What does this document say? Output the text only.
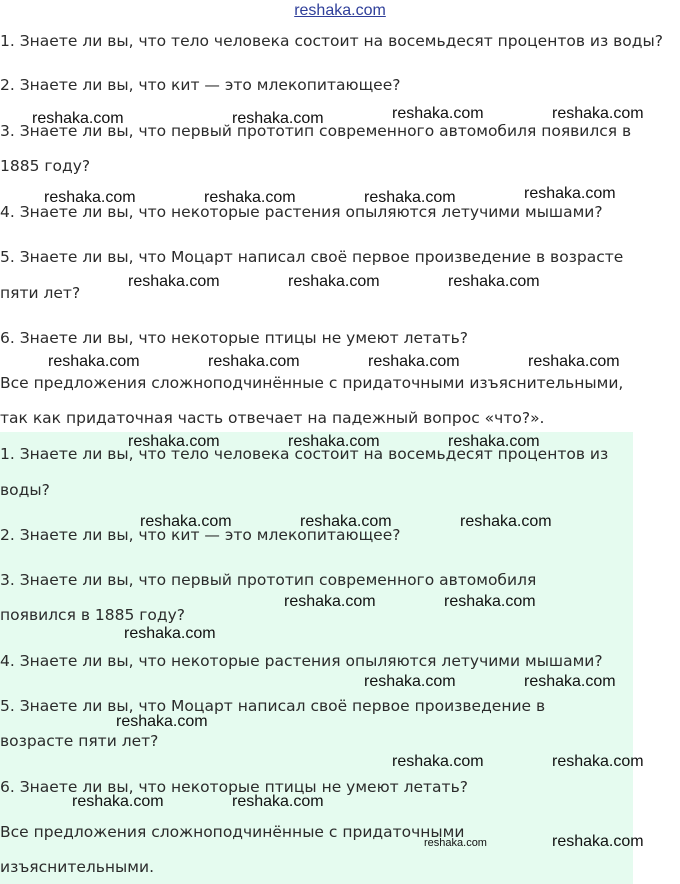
reshaka.com
1. Знаете ли вы, что тело человека состоит на восемьдесят процентов из воды?
2. Знаете ли вы, что кит — это млекопитающее?
3. Знаете ли вы, что первый прототип современного автомобиля появился в
1885 году?
4. Знаете ли вы, что некоторые растения опыляются летучими мышами?
5. Знаете ли вы, что Моцарт написал своё первое произведение в возрасте
пяти лет?
6. Знаете ли вы, что некоторые птицы не умеют летать?
Все предложения сложноподчинённые с придаточными изъяснительными,
так как придаточная часть отвечает на падежный вопрос «что?».
1. Знаете ли вы, что тело человека состоит на восемьдесят процентов из
воды?
2. Знаете ли вы, что кит — это млекопитающее?
3. Знаете ли вы, что первый прототип современного автомобиля
появился в 1885 году?
4. Знаете ли вы, что некоторые растения опыляются летучими мышами?
5. Знаете ли вы, что Моцарт написал своё первое произведение в
возрасте пяти лет?
6. Знаете ли вы, что некоторые птицы не умеют летать?
Все предложения сложноподчинённые с придаточными
изъяснительными.
reshaka.com	reshaka.com	reshaka.com	reshaka.com
reshaka.com	reshaka.com	reshaka.com	reshaka.com
reshaka.com	reshaka.com	reshaka.com
reshaka.com	reshaka.com	reshaka.com	reshaka.com
reshaka.com	reshaka.com	reshaka.com
reshaka.com	reshaka.com	reshaka.com
reshaka.com	reshaka.com
reshaka.com
reshaka.com	reshaka.com
reshaka.com
reshaka.com	reshaka.com
reshaka.com	reshaka.com
reshaka.com
reshaka.com
